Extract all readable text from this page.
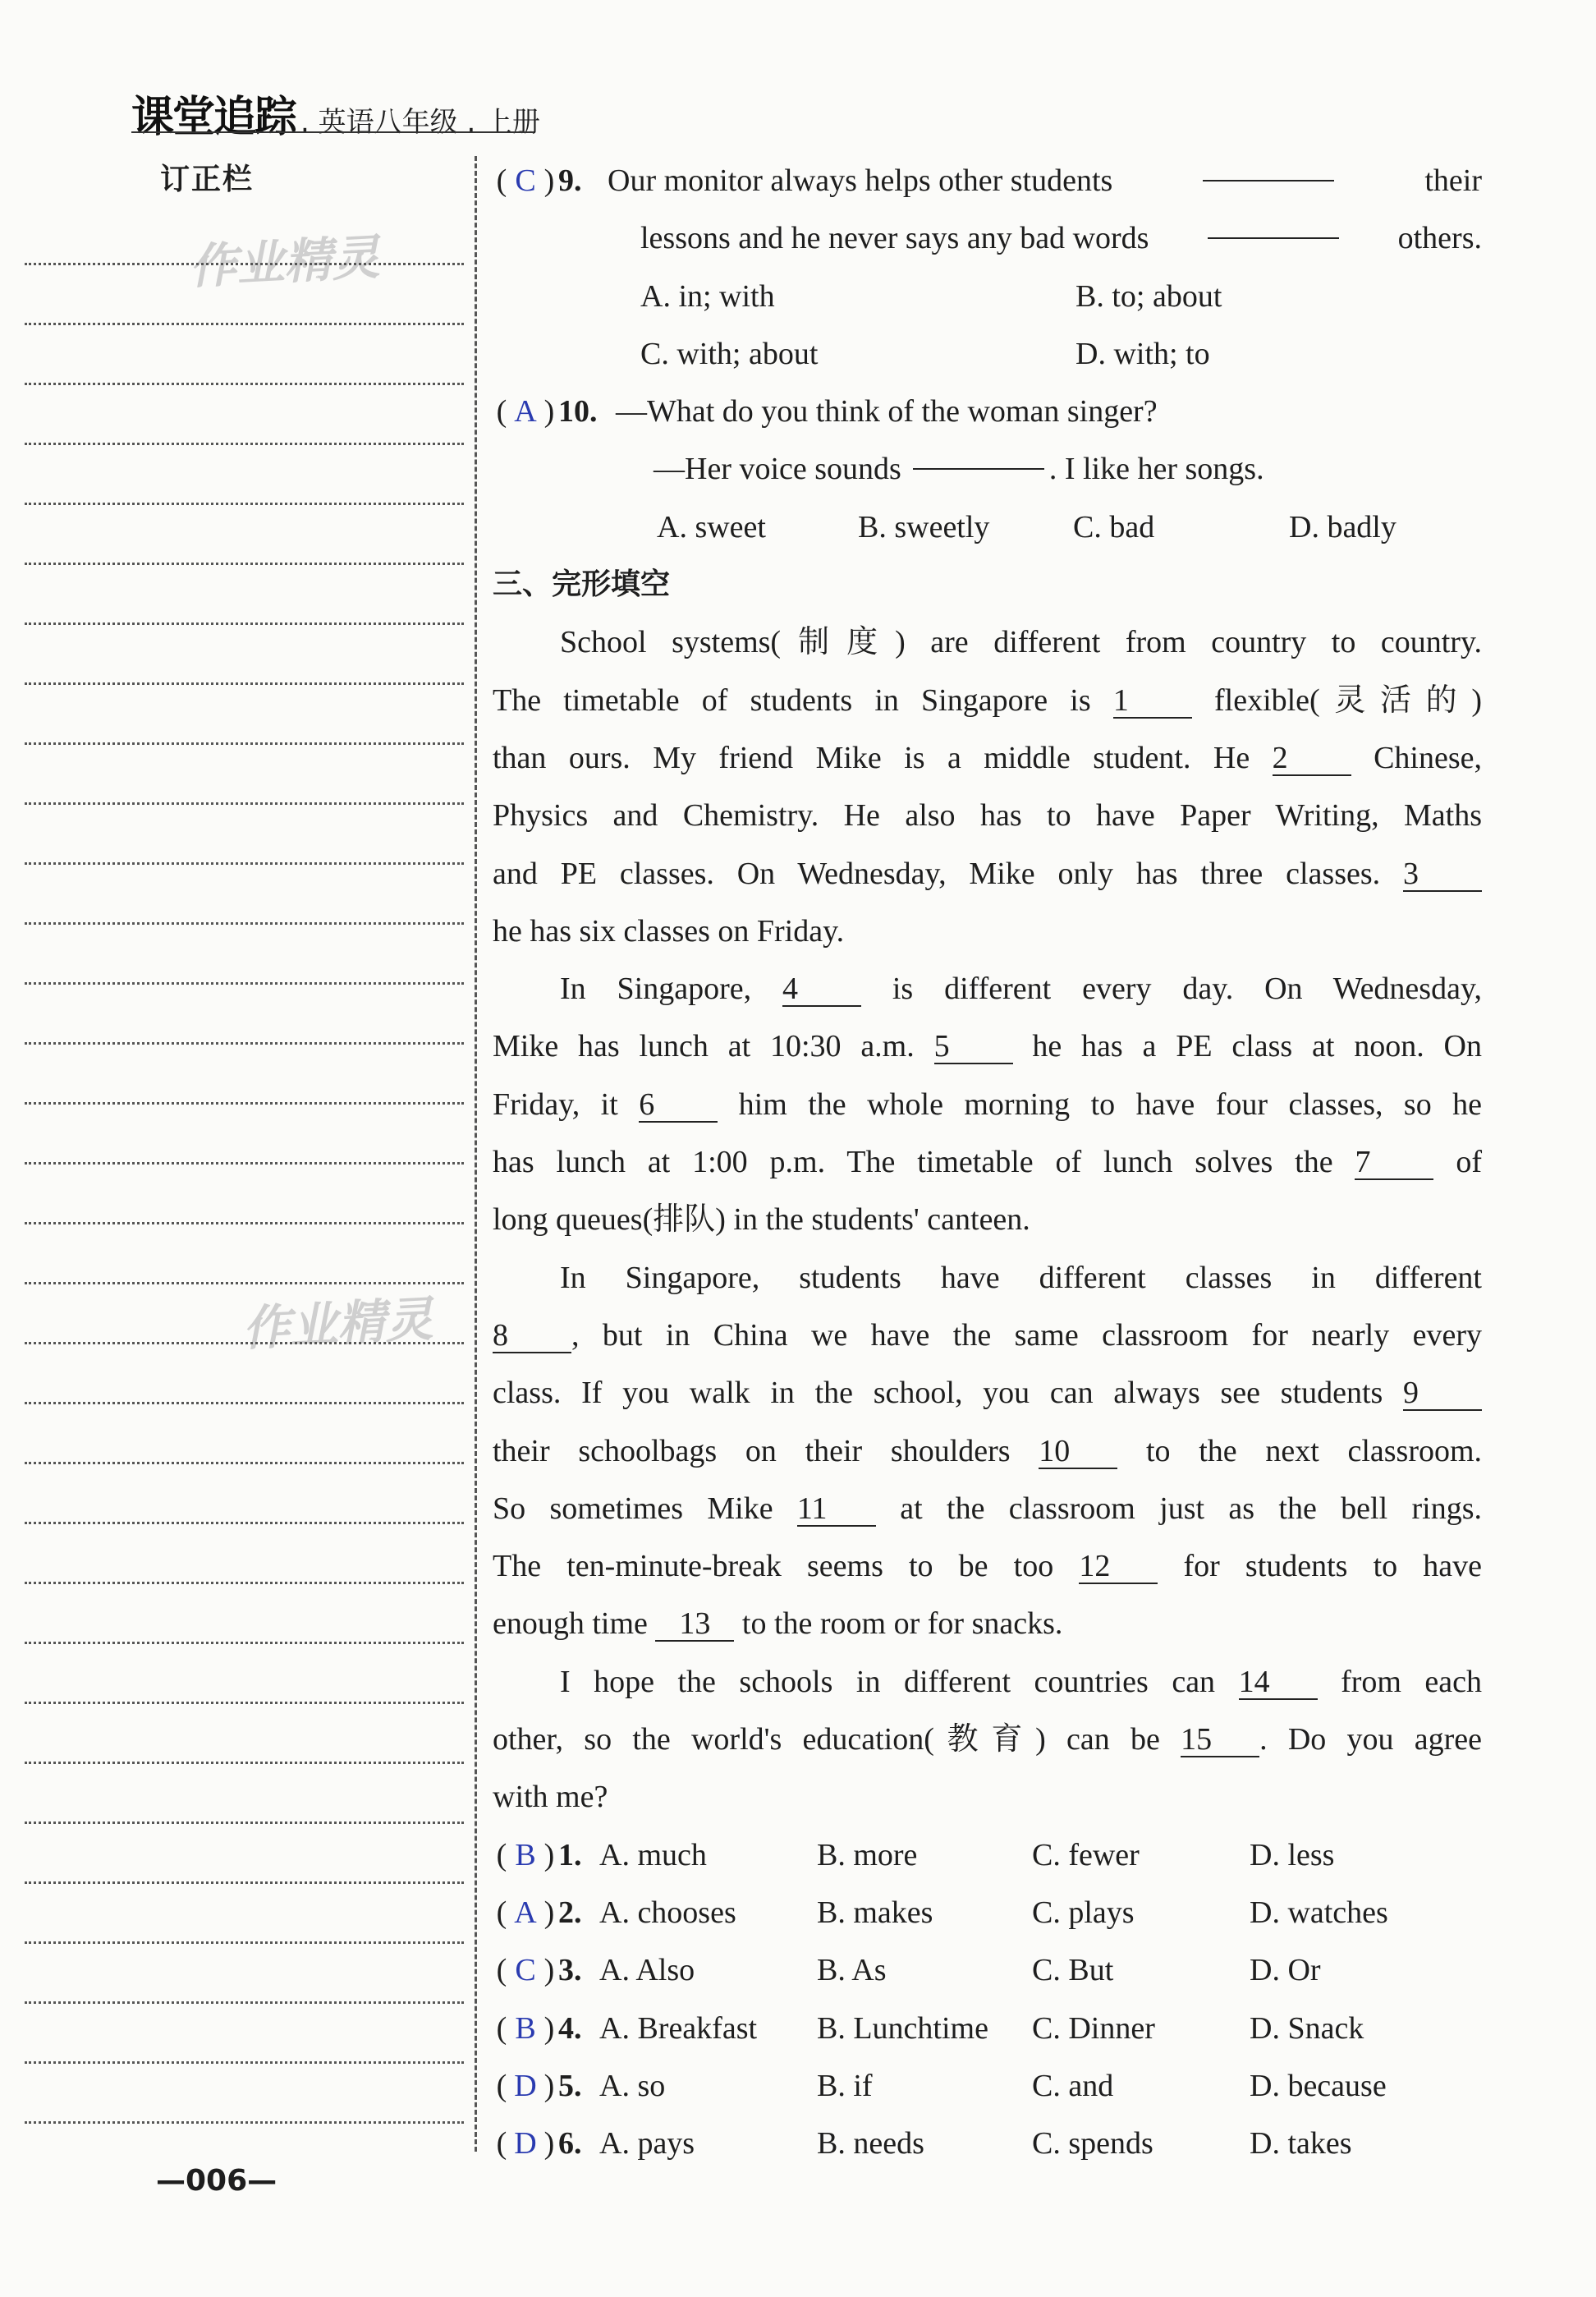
课堂追踪 . 英语八年级 . 上册
订正栏
作业精灵
作业精灵
( C ) 9. Our monitor always helps other students	their
lessons and he never says any bad words	others.
A. in; with	B. to; about
C. with; about	D. with; to
( A ) 10. —What do you think of the woman singer?
—Her voice sounds	. I like her songs.
A. sweet	B. sweetly	C. bad	D. badly
三、完形填空
School systems(制度) are different from country to country.
The timetable of students in Singapore is 1	flexible(灵活的)
than ours. My friend Mike is a middle student. He 2	Chinese,
Physics and Chemistry. He also has to have Paper Writing, Maths
and PE classes. On Wednesday, Mike only has three classes. 3
he has six classes on Friday.
In Singapore, 4	is different every day. On Wednesday,
Mike has lunch at 10:30 a.m. 5	he has a PE class at noon. On
Friday, it 6	him the whole morning to have four classes, so he
has lunch at 1:00 p.m. The timetable of lunch solves the 7	of
long queues(排队) in the students' canteen.
In Singapore, students have different classes in different
8 , but in China we have the same classroom for nearly every
class. If you walk in the school, you can always see students 9
their schoolbags on their shoulders 10 to the next classroom.
So sometimes Mike 11 at the classroom just as the bell rings.
The ten-minute-break seems to be too 12 for students to have
enough time 13 to the room or for snacks.
I hope the schools in different countries can 14 from each
other, so the world's education(教育) can be 15 . Do you agree
with me?
( B ) 1. A. much	B. more	C. fewer	D. less
( A ) 2. A. chooses	B. makes	C. plays	D. watches
( C ) 3. A. Also	B. As	C. But	D. Or
( B ) 4. A. Breakfast	B. Lunchtime	C. Dinner	D. Snack
( D ) 5. A. so	B. if	C. and	D. because
( D ) 6. A. pays	B. needs	C. spends	D. takes
—006—
